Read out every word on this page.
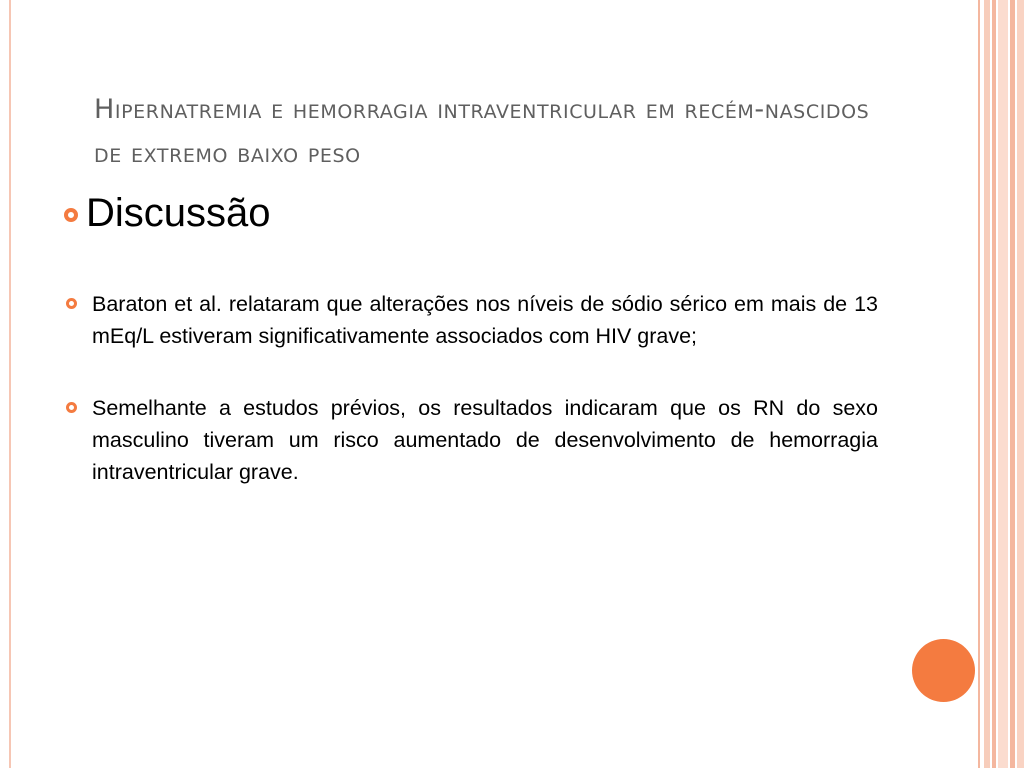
Hipernatremia e hemorragia intraventricular em recém-nascidos de extremo baixo peso
Discussão
Baraton et al. relataram que alterações nos níveis de sódio sérico em mais de 13 mEq/L estiveram significativamente associados com HIV grave;
Semelhante a estudos prévios, os resultados indicaram que os RN do sexo masculino tiveram um risco aumentado de desenvolvimento de hemorragia intraventricular grave.
